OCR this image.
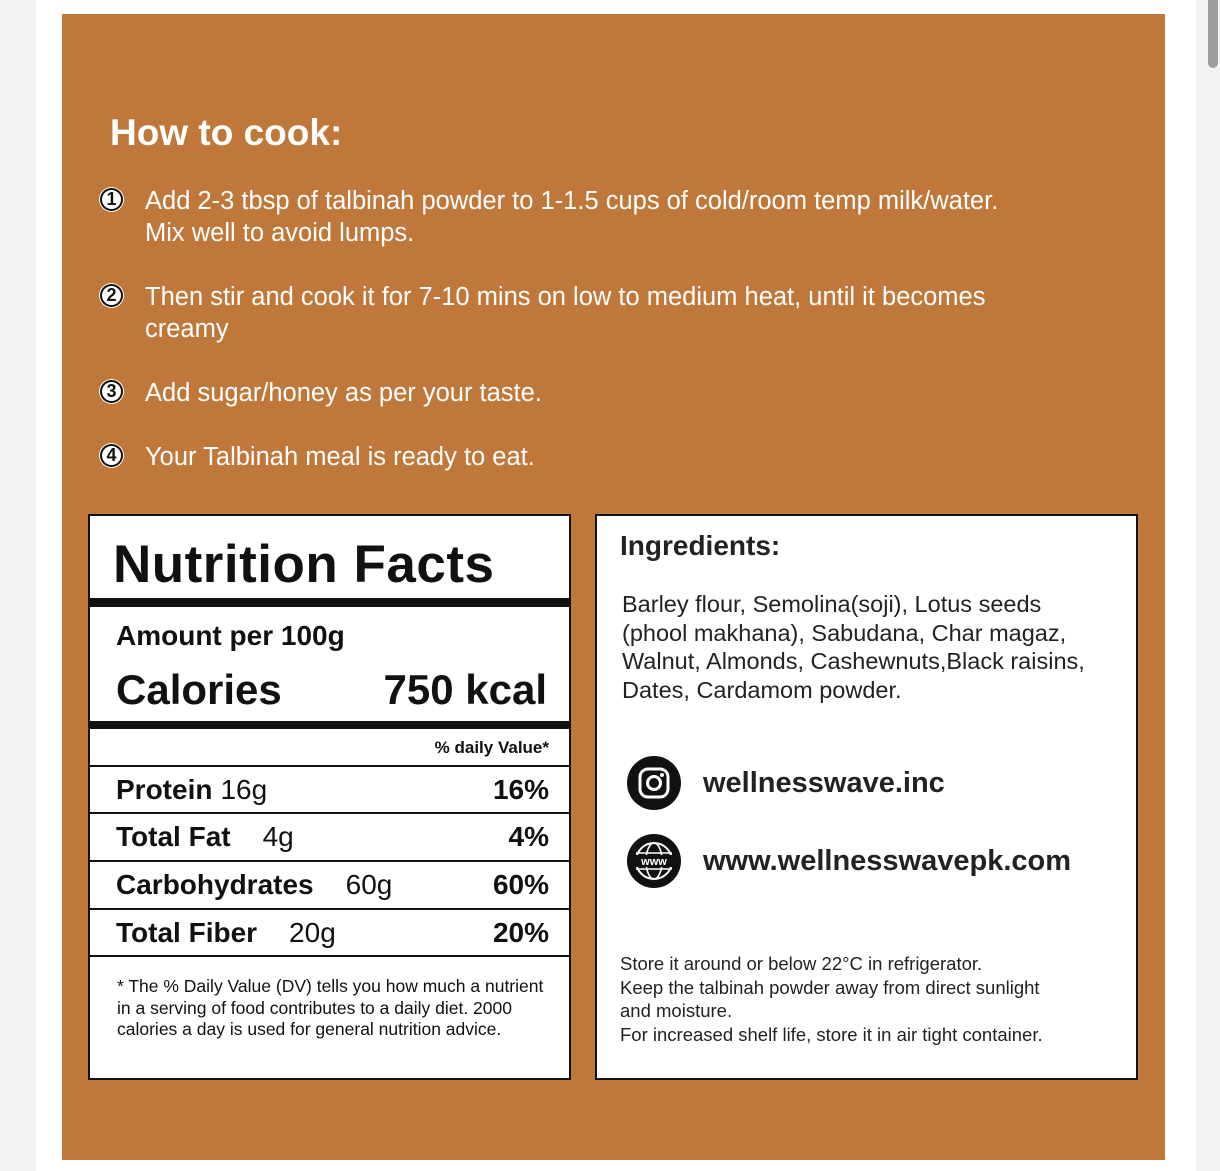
How to cook:
1 Add 2-3 tbsp of talbinah powder to 1-1.5 cups of cold/room temp milk/water.
Mix well to avoid lumps.
2 Then stir and cook it for 7-10 mins on low to medium heat, until it becomes
creamy
3 Add sugar/honey as per your taste.
4 Your Talbinah meal is ready to eat.
Nutrition Facts
Amount per 100g
Calories 750 kcal
% daily Value*
Protein 16g	16%
Total Fat 4g	4%
Carbohydrates 60g	60%
Total Fiber 20g	20%
* The % Daily Value (DV) tells you how much a nutrient in a serving of food contributes to a daily diet. 2000 calories a day is used for general nutrition advice.
Ingredients:
Barley flour, Semolina(soji), Lotus seeds
(phool makhana), Sabudana, Char magaz,
Walnut, Almonds, Cashewnuts,Black raisins,
Dates, Cardamom powder.
wellnesswave.inc
www www.wellnesswavepk.com
Store it around or below 22°C in refrigerator.
Keep the talbinah powder away from direct sunlight
and moisture.
For increased shelf life, store it in air tight container.
